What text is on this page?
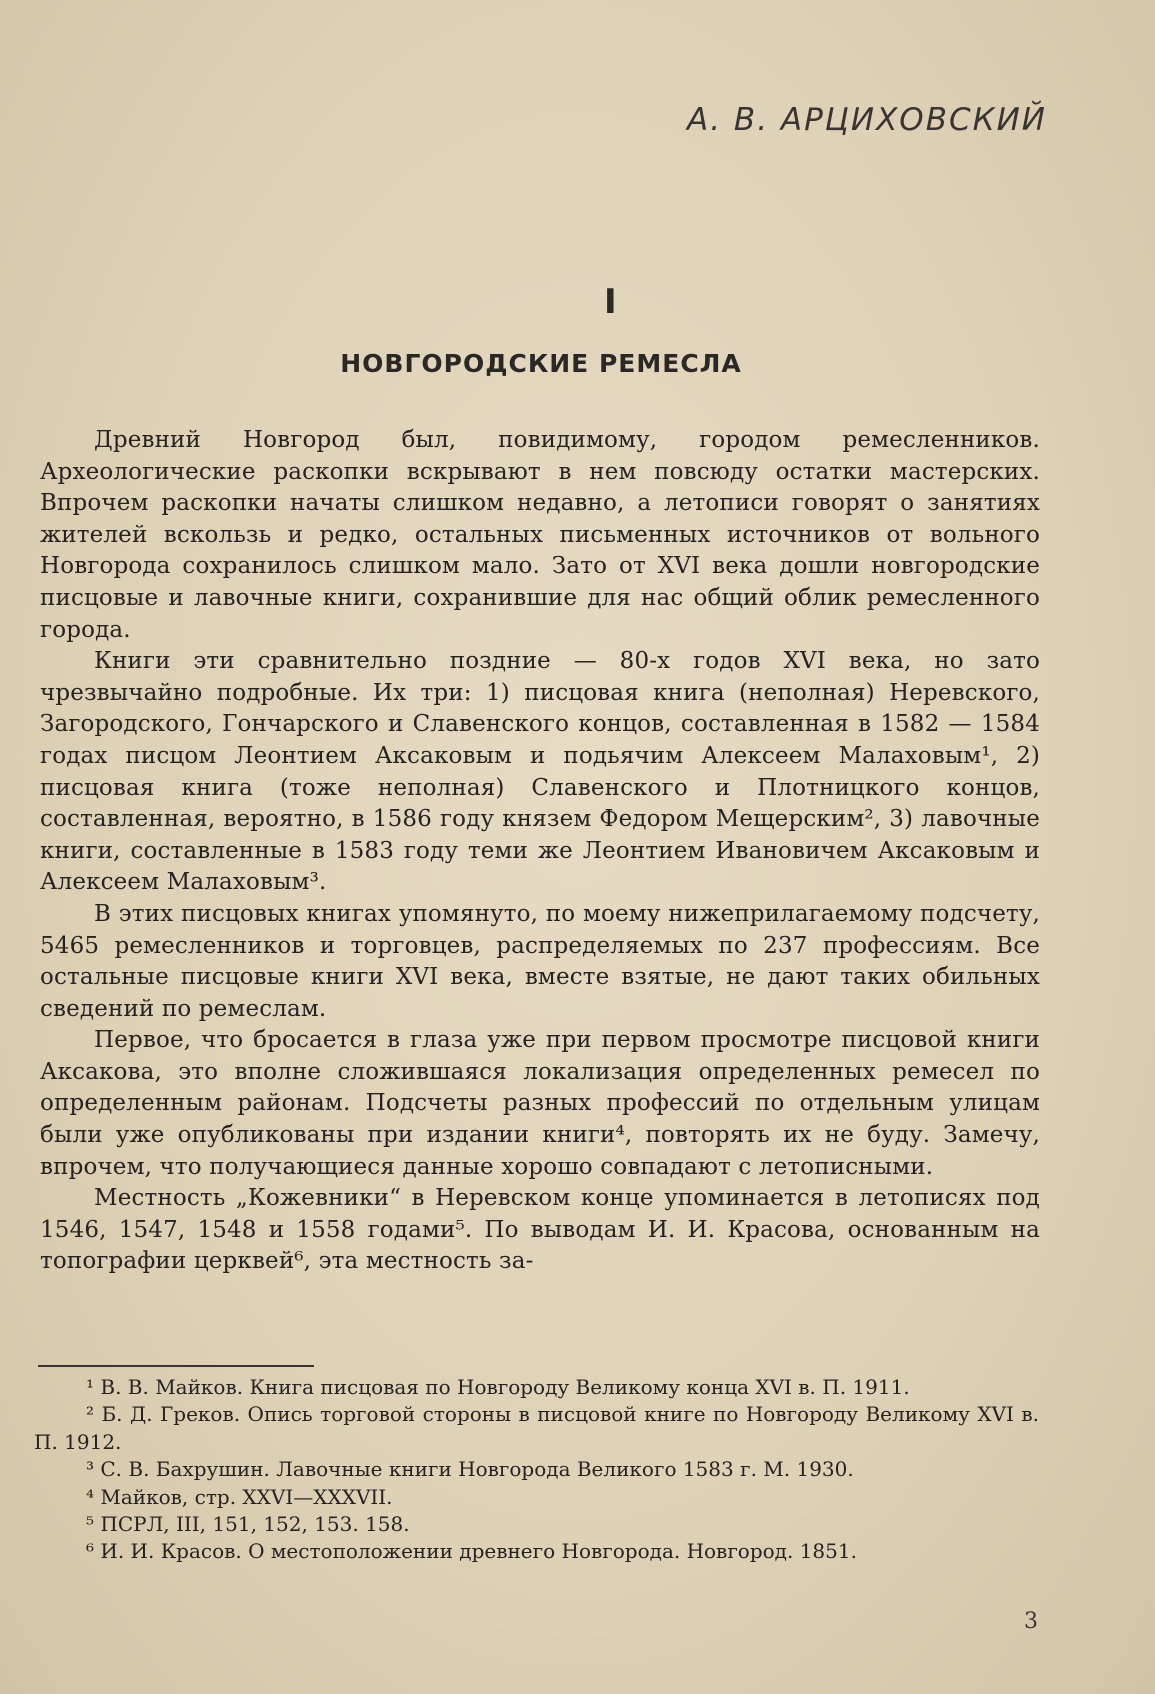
А. В. АРЦИХОВСКИЙ
I
НОВГОРОДСКИЕ РЕМЕСЛА

Древний Новгород был, повидимому, городом ремесленников. Археологические раскопки вскрывают в нем повсюду остатки мастерских. Впрочем раскопки начаты слишком недавно, а летописи говорят о занятиях жителей вскользь и редко, остальных письменных источников от вольного Новгорода сохранилось слишком мало. Зато от XVI века дошли новгородские писцовые и лавочные книги, сохранившие для нас общий облик ремесленного города.

Книги эти сравнительно поздние — 80-х годов XVI века, но зато чрезвычайно подробные. Их три: 1) писцовая книга (неполная) Неревского, Загородского, Гончарского и Славенского концов, составленная в 1582 — 1584 годах писцом Леонтием Аксаковым и подьячим Алексеем Малаховым¹, 2) писцовая книга (тоже неполная) Славенского и Плотницкого концов, составленная, вероятно, в 1586 году князем Федором Мещерским², 3) лавочные книги, составленные в 1583 году теми же Леонтием Ивановичем Аксаковым и Алексеем Малаховым³.

В этих писцовых книгах упомянуто, по моему нижеприлагаемому подсчету, 5465 ремесленников и торговцев, распределяемых по 237 профессиям. Все остальные писцовые книги XVI века, вместе взятые, не дают таких обильных сведений по ремеслам.

Первое, что бросается в глаза уже при первом просмотре писцовой книги Аксакова, это вполне сложившаяся локализация определенных ремесел по определенным районам. Подсчеты разных профессий по отдельным улицам были уже опубликованы при издании книги⁴, повторять их не буду. Замечу, впрочем, что получающиеся данные хорошо совпадают с летописными.

Местность „Кожевники“ в Неревском конце упоминается в летописях под 1546, 1547, 1548 и 1558 годами⁵. По выводам И. И. Красова, основанным на топографии церквей⁶, эта местность за-

¹ В. В. Майков. Книга писцовая по Новгороду Великому конца XVI в. П. 1911.

² Б. Д. Греков. Опись торговой стороны в писцовой книге по Новгороду Великому XVI в. П. 1912.

³ С. В. Бахрушин. Лавочные книги Новгорода Великого 1583 г. М. 1930.

⁴ Майков, стр. XXVI—XXXVII.

⁵ ПСРЛ, III, 151, 152, 153. 158.

⁶ И. И. Красов. О местоположении древнего Новгорода. Новгород. 1851.

3
